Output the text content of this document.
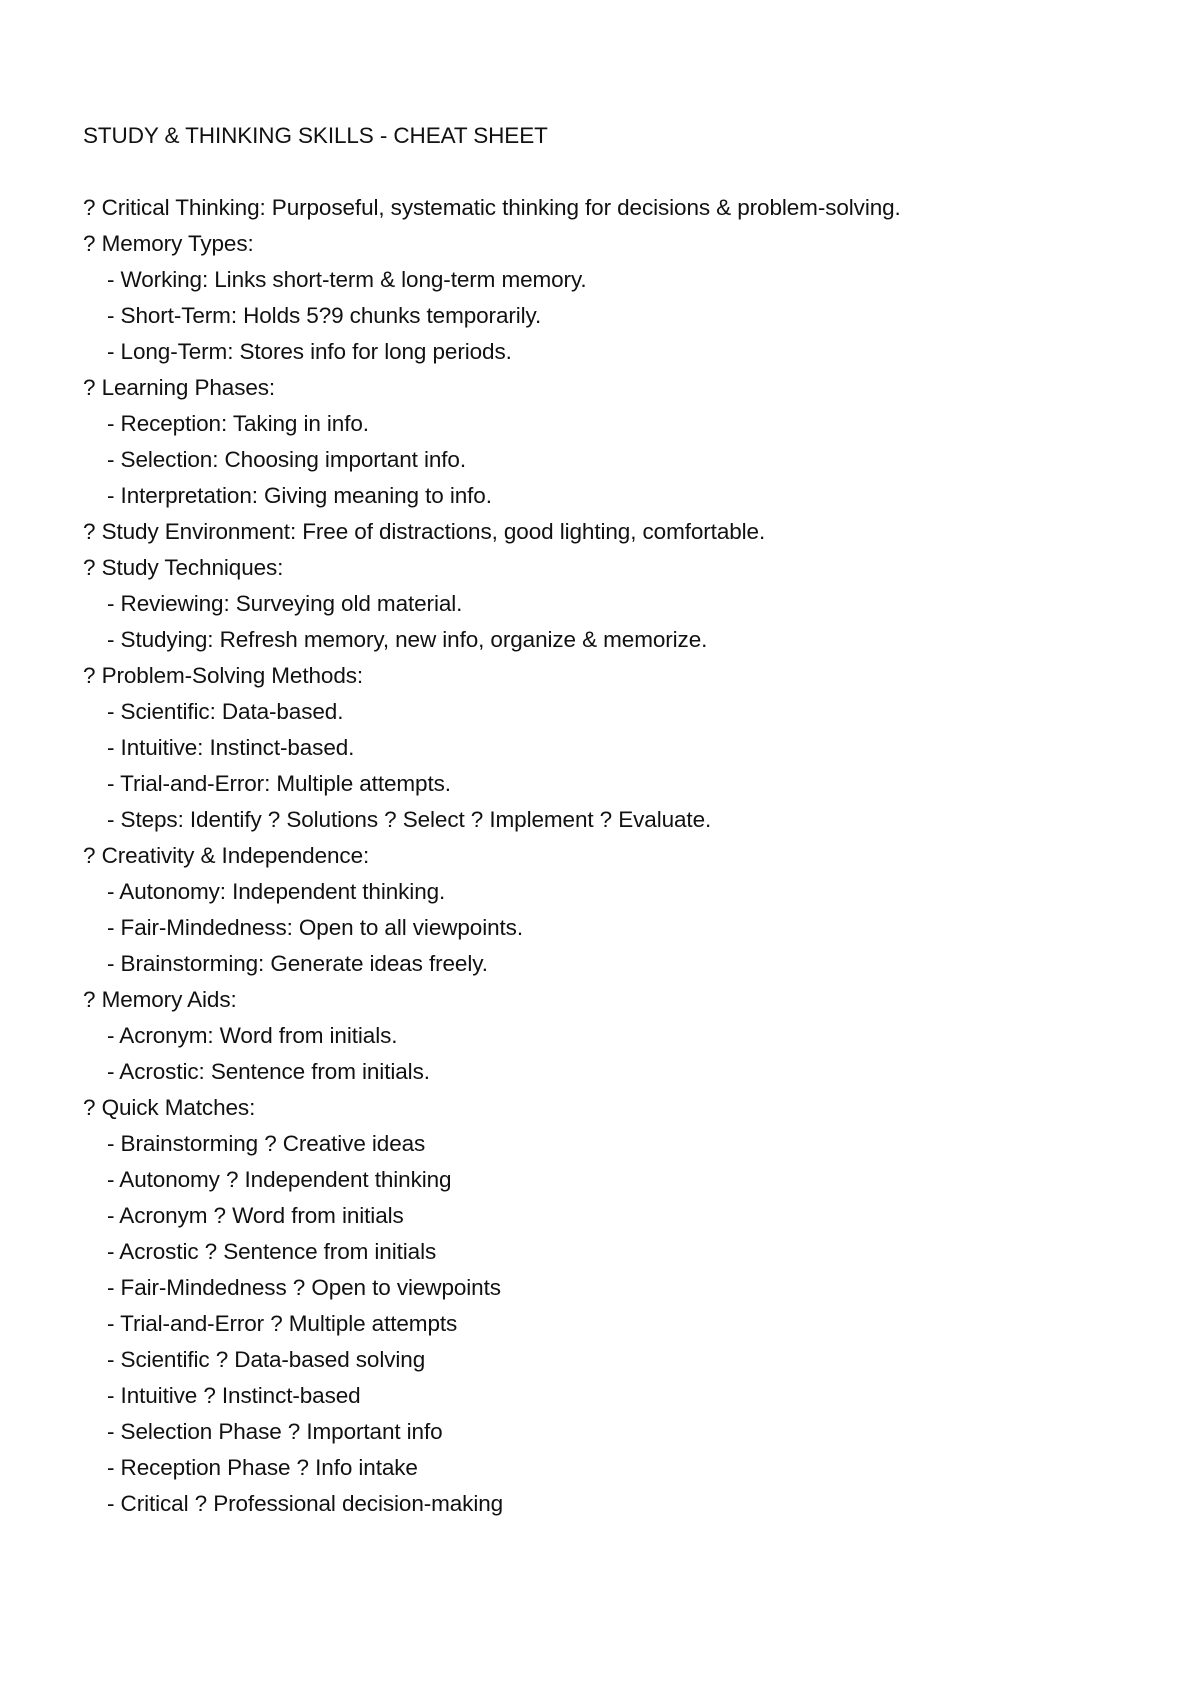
STUDY & THINKING SKILLS - CHEAT SHEET
? Critical Thinking: Purposeful, systematic thinking for decisions & problem-solving.
? Memory Types:
- Working: Links short-term & long-term memory.
- Short-Term: Holds 5?9 chunks temporarily.
- Long-Term: Stores info for long periods.
? Learning Phases:
- Reception: Taking in info.
- Selection: Choosing important info.
- Interpretation: Giving meaning to info.
? Study Environment: Free of distractions, good lighting, comfortable.
? Study Techniques:
- Reviewing: Surveying old material.
- Studying: Refresh memory, new info, organize & memorize.
? Problem-Solving Methods:
- Scientific: Data-based.
- Intuitive: Instinct-based.
- Trial-and-Error: Multiple attempts.
- Steps: Identify ? Solutions ? Select ? Implement ? Evaluate.
? Creativity & Independence:
- Autonomy: Independent thinking.
- Fair-Mindedness: Open to all viewpoints.
- Brainstorming: Generate ideas freely.
? Memory Aids:
- Acronym: Word from initials.
- Acrostic: Sentence from initials.
? Quick Matches:
- Brainstorming ? Creative ideas
- Autonomy ? Independent thinking
- Acronym ? Word from initials
- Acrostic ? Sentence from initials
- Fair-Mindedness ? Open to viewpoints
- Trial-and-Error ? Multiple attempts
- Scientific ? Data-based solving
- Intuitive ? Instinct-based
- Selection Phase ? Important info
- Reception Phase ? Info intake
- Critical ? Professional decision-making
